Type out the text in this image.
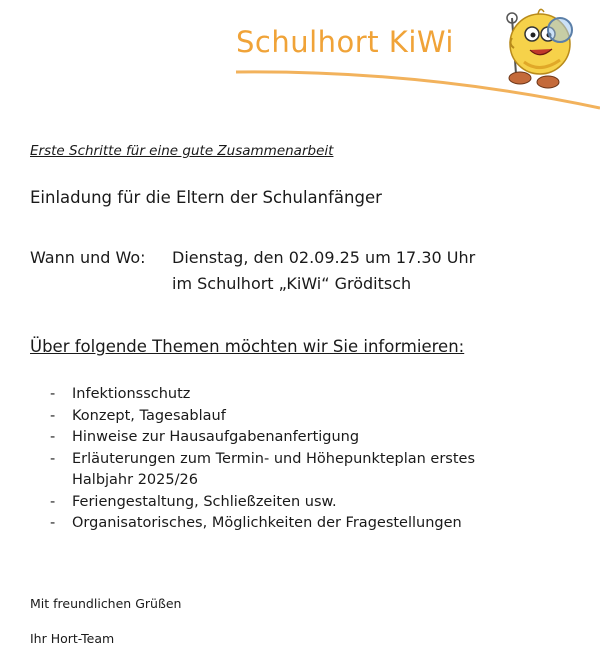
Schulhort KiWi
Erste Schritte für eine gute Zusammenarbeit
Einladung für die Eltern der Schulanfänger
Wann und Wo: Dienstag, den 02.09.25 um 17.30 Uhr
im Schulhort „KiWi“ Gröditsch
Über folgende Themen möchten wir Sie informieren:
- Infektionsschutz
- Konzept, Tagesablauf
- Hinweise zur Hausaufgabenanfertigung
- Erläuterungen zum Termin- und Höhepunkteplan erstes
Halbjahr 2025/26
- Feriengestaltung, Schließzeiten usw.
- Organisatorisches, Möglichkeiten der Fragestellungen
Mit freundlichen Grüßen
Ihr Hort-Team
